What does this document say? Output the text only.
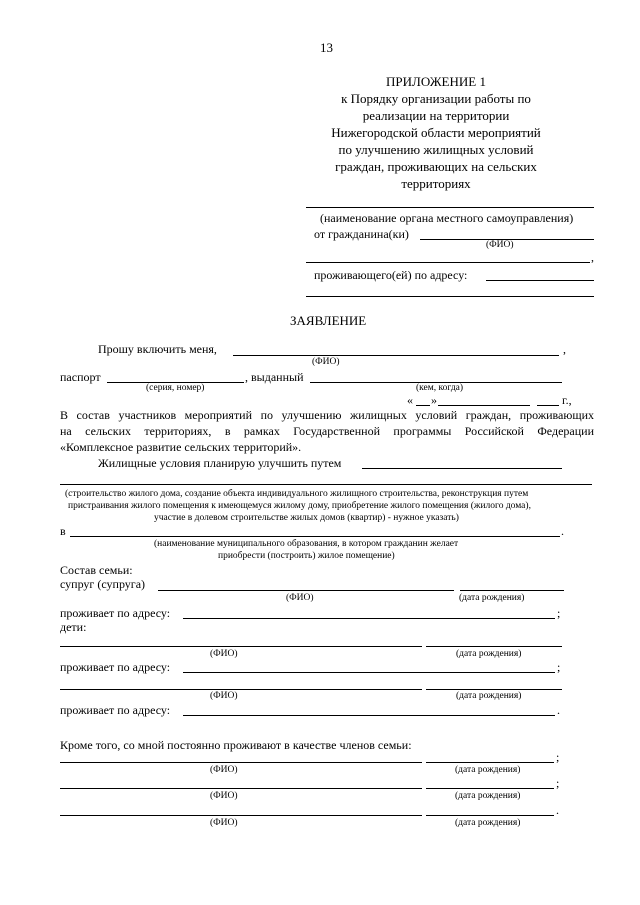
13
ПРИЛОЖЕНИЕ 1
к Порядку организации работы по
реализации на территории
Нижегородской области мероприятий
по улучшению жилищных условий
граждан, проживающих на сельских
территориях
(наименование органа местного самоуправления)
от гражданина(ки)
(ФИО)
,
проживающего(ей) по адресу:
ЗАЯВЛЕНИЕ
Прошу включить меня,	,
(ФИО)
паспорт	, выданный
(серия, номер)	(кем, когда)
« »	г.,
В состав участников мероприятий по улучшению жилищных условий граждан, проживающих
на сельских территориях, в рамках Государственной программы Российской Федерации
«Комплексное развитие сельских территорий».
Жилищные условия планирую улучшить путем
(строительство жилого дома, создание объекта индивидуального жилищного строительства, реконструкция путем
пристраивания жилого помещения к имеющемуся жилому дому, приобретение жилого помещения (жилого дома),
участие в долевом строительстве жилых домов (квартир) - нужное указать)
в	.
(наименование муниципального образования, в котором гражданин желает
приобрести (построить) жилое помещение)
Состав семьи:
супруг (супруга)
(ФИО)	(дата рождения)
проживает по адресу:	;
дети:
(ФИО)	(дата рождения)
проживает по адресу:	;
(ФИО)	(дата рождения)
проживает по адресу:	.
Кроме того, со мной постоянно проживают в качестве членов семьи:
;
(ФИО)	(дата рождения)
;
(ФИО)	(дата рождения)
.
(ФИО)	(дата рождения)
